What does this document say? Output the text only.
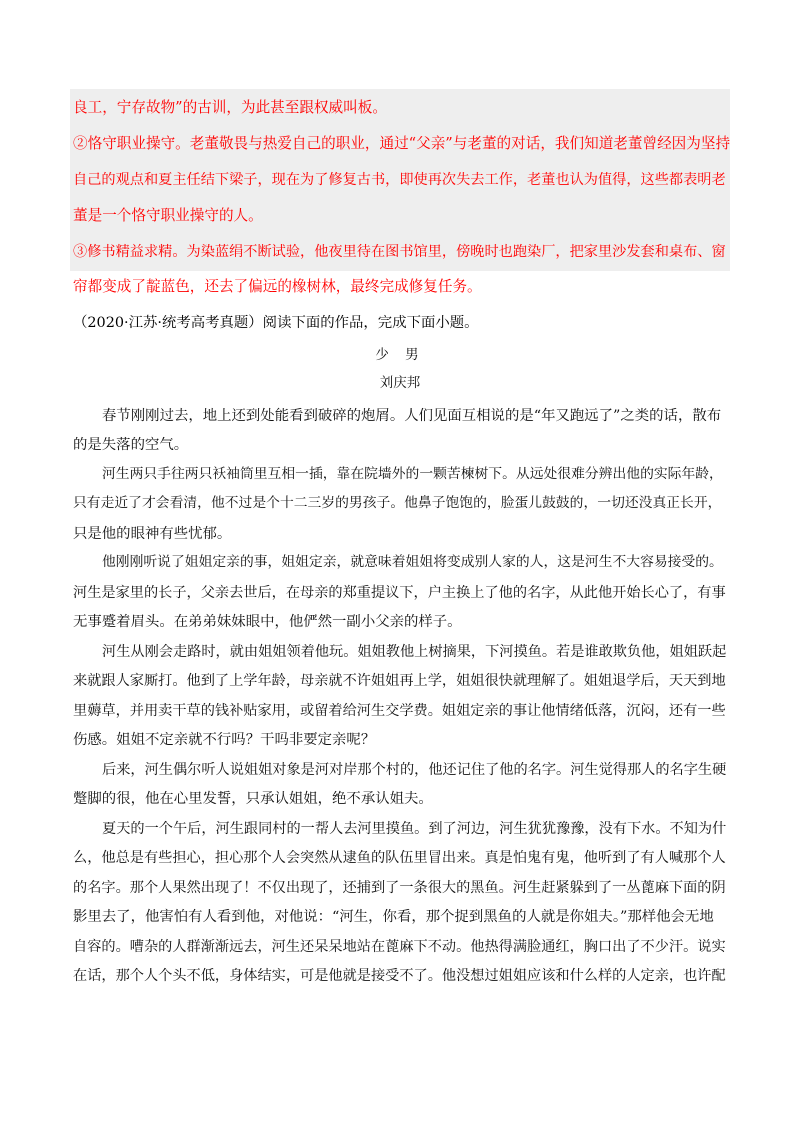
良工，宁存故物”的古训，为此甚至跟权威叫板。

②恪守职业操守。老董敬畏与热爱自己的职业，通过“父亲”与老董的对话，我们知道老董曾经因为坚持

自己的观点和夏主任结下梁子，现在为了修复古书，即使再次失去工作，老董也认为值得，这些都表明老

董是一个恪守职业操守的人。

③修书精益求精。为染蓝绢不断试验，他夜里待在图书馆里，傍晚时也跑染厂，把家里沙发套和桌布、窗

帘都变成了靛蓝色，还去了偏远的橡树林，最终完成修复任务。

（2020·江苏·统考高考真题）阅读下面的作品，完成下面小题。

少 男

刘庆邦

春节刚刚过去，地上还到处能看到破碎的炮屑。人们见面互相说的是“年又跑远了”之类的话，散布

的是失落的空气。

河生两只手往两只袄袖筒里互相一插，靠在院墙外的一颗苦楝树下。从远处很难分辨出他的实际年龄，

只有走近了才会看清，他不过是个十二三岁的男孩子。他鼻子饱饱的，脸蛋儿鼓鼓的，一切还没真正长开，

只是他的眼神有些忧郁。

他刚刚听说了姐姐定亲的事，姐姐定亲，就意味着姐姐将变成别人家的人，这是河生不大容易接受的。

河生是家里的长子，父亲去世后，在母亲的郑重提议下，户主换上了他的名字，从此他开始长心了，有事

无事蹙着眉头。在弟弟妹妹眼中，他俨然一副小父亲的样子。

河生从刚会走路时，就由姐姐领着他玩。姐姐教他上树摘果，下河摸鱼。若是谁敢欺负他，姐姐跃起

来就跟人家厮打。他到了上学年龄，母亲就不许姐姐再上学，姐姐很快就理解了。姐姐退学后，天天到地

里薅草，并用卖干草的钱补贴家用，或留着给河生交学费。姐姐定亲的事让他情绪低落，沉闷，还有一些

伤感。姐姐不定亲就不行吗？干吗非要定亲呢？

后来，河生偶尔听人说姐姐对象是河对岸那个村的，他还记住了他的名字。河生觉得那人的名字生硬

蹩脚的很，他在心里发誓，只承认姐姐，绝不承认姐夫。

夏天的一个午后，河生跟同村的一帮人去河里摸鱼。到了河边，河生犹犹豫豫，没有下水。不知为什

么，他总是有些担心，担心那个人会突然从逮鱼的队伍里冒出来。真是怕鬼有鬼，他听到了有人喊那个人

的名字。那个人果然出现了！不仅出现了，还捕到了一条很大的黑鱼。河生赶紧躲到了一丛蓖麻下面的阴

影里去了，他害怕有人看到他，对他说：“河生，你看，那个捉到黑鱼的人就是你姐夫。”那样他会无地

自容的。嘈杂的人群渐渐远去，河生还呆呆地站在蓖麻下不动。他热得满脸通红，胸口出了不少汗。说实

在话，那个人个头不低，身体结实，可是他就是接受不了。他没想过姐姐应该和什么样的人定亲，也许配
